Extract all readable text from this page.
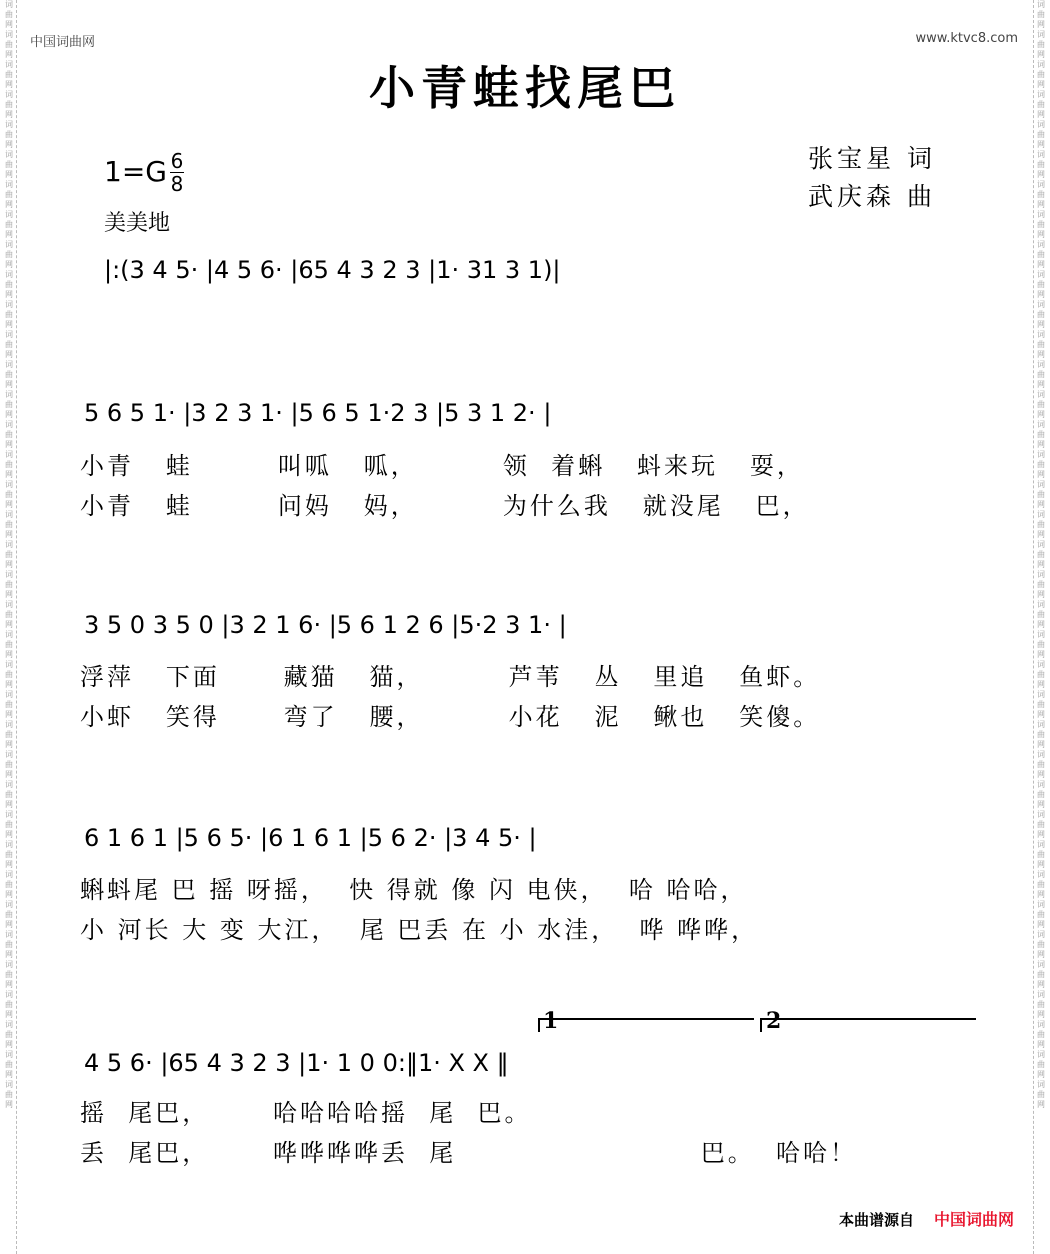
词曲网词曲网词曲网词曲网词曲网词曲网词曲网词曲网词曲网词曲网词曲网词曲网词曲网词曲网词曲网词曲网词曲网词曲网词曲网词曲网词曲网词曲网词曲网词曲网词曲网词曲网词曲网词曲网词曲网词曲网词曲网词曲网词曲网词曲网词曲网词曲网词曲网
词曲网词曲网词曲网词曲网词曲网词曲网词曲网词曲网词曲网词曲网词曲网词曲网词曲网词曲网词曲网词曲网词曲网词曲网词曲网词曲网词曲网词曲网词曲网词曲网词曲网词曲网词曲网词曲网词曲网词曲网词曲网词曲网词曲网词曲网词曲网词曲网词曲网
中国词曲网	www.ktvc8.com
小青蛙找尾巴
1=G 6
8
美美地
张宝星 词
武庆森 曲
|:(3 4 5· |4 5 6· |65 4 3 2 3 |1· 31 3 1)|
5 6 5 1· |3 2 3 1· |5 6 5 1·2 3 |5 3 1 2· |
小青   蛙        叫呱   呱，        领  着蝌   蚪来玩   耍，
小青   蛙        问妈   妈，        为什么我   就没尾   巴，
3 5 0 3 5 0 |3 2 1 6· |5 6 1 2 6 |5·2 3 1· |
浮萍   下面      藏猫   猫，        芦苇   丛   里追   鱼虾。
小虾   笑得      弯了   腰，        小花   泥   鳅也   笑傻。
6 1 6 1 |5 6 5· |6 1 6 1 |5 6 2· |3 4 5· |
蝌蚪尾 巴 摇 呀摇，  快 得就 像 闪 电侠，  哈 哈哈，
小 河长 大 变 大江，  尾 巴丢 在 小 水洼，  哗 哗哗，
1	2
4 5 6· |65 4 3 2 3 |1· 1 0 0:‖1· X X ‖
摇  尾巴，      哈哈哈哈摇  尾  巴。
丢  尾巴，      哗哗哗哗丢  尾                       巴。  哈哈！
本曲谱源自 中国词曲网
